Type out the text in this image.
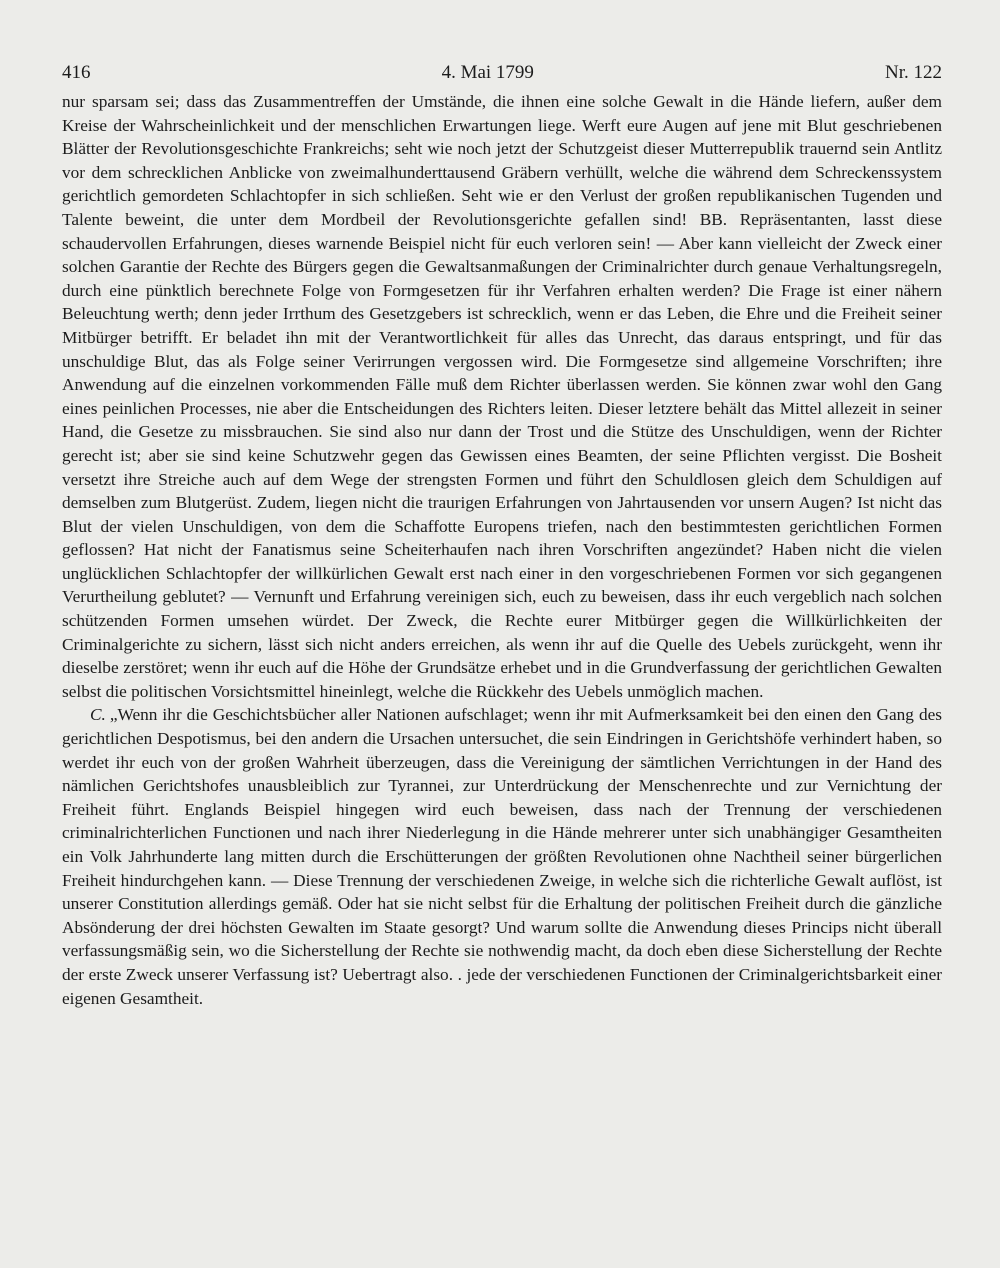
416	4. Mai 1799	Nr. 122

nur sparsam sei; dass das Zusammentreffen der Umstände, die ihnen eine solche Gewalt in die Hände liefern, außer dem Kreise der Wahrscheinlichkeit und der menschlichen Erwartungen liege. Werft eure Augen auf jene mit Blut geschriebenen Blätter der Revolutionsgeschichte Frankreichs; seht wie noch jetzt der Schutzgeist dieser Mutterrepublik trauernd sein Antlitz vor dem schrecklichen Anblicke von zweimalhunderttausend Gräbern verhüllt, welche die während dem Schreckenssystem gerichtlich gemordeten Schlachtopfer in sich schließen. Seht wie er den Verlust der großen republikanischen Tugenden und Talente beweint, die unter dem Mordbeil der Revolutionsgerichte gefallen sind! BB. Repräsentanten, lasst diese schaudervollen Erfahrungen, dieses warnende Beispiel nicht für euch verloren sein! — Aber kann vielleicht der Zweck einer solchen Garantie der Rechte des Bürgers gegen die Gewaltsanmaßungen der Criminalrichter durch genaue Verhaltungsregeln, durch eine pünktlich berechnete Folge von Formgesetzen für ihr Verfahren erhalten werden? Die Frage ist einer nähern Beleuchtung werth; denn jeder Irrthum des Gesetzgebers ist schrecklich, wenn er das Leben, die Ehre und die Freiheit seiner Mitbürger betrifft. Er beladet ihn mit der Verantwortlichkeit für alles das Unrecht, das daraus entspringt, und für das unschuldige Blut, das als Folge seiner Verirrungen vergossen wird. Die Formgesetze sind allgemeine Vorschriften; ihre Anwendung auf die einzelnen vorkommenden Fälle muß dem Richter überlassen werden. Sie können zwar wohl den Gang eines peinlichen Processes, nie aber die Entscheidungen des Richters leiten. Dieser letztere behält das Mittel allezeit in seiner Hand, die Gesetze zu missbrauchen. Sie sind also nur dann der Trost und die Stütze des Unschuldigen, wenn der Richter gerecht ist; aber sie sind keine Schutzwehr gegen das Gewissen eines Beamten, der seine Pflichten vergisst. Die Bosheit versetzt ihre Streiche auch auf dem Wege der strengsten Formen und führt den Schuldlosen gleich dem Schuldigen auf demselben zum Blutgerüst. Zudem, liegen nicht die traurigen Erfahrungen von Jahrtausenden vor unsern Augen? Ist nicht das Blut der vielen Unschuldigen, von dem die Schaffotte Europens triefen, nach den bestimmtesten gerichtlichen Formen geflossen? Hat nicht der Fanatismus seine Scheiterhaufen nach ihren Vorschriften angezündet? Haben nicht die vielen unglücklichen Schlachtopfer der willkürlichen Gewalt erst nach einer in den vorgeschriebenen Formen vor sich gegangenen Verurtheilung geblutet? — Vernunft und Erfahrung vereinigen sich, euch zu beweisen, dass ihr euch vergeblich nach solchen schützenden Formen umsehen würdet. Der Zweck, die Rechte eurer Mitbürger gegen die Willkürlichkeiten der Criminalgerichte zu sichern, lässt sich nicht anders erreichen, als wenn ihr auf die Quelle des Uebels zurückgeht, wenn ihr dieselbe zerstöret; wenn ihr euch auf die Höhe der Grundsätze erhebet und in die Grundverfassung der gerichtlichen Gewalten selbst die politischen Vorsichtsmittel hineinlegt, welche die Rückkehr des Uebels unmöglich machen.

C. „Wenn ihr die Geschichtsbücher aller Nationen aufschlaget; wenn ihr mit Aufmerksamkeit bei den einen den Gang des gerichtlichen Despotismus, bei den andern die Ursachen untersuchet, die sein Eindringen in Gerichtshöfe verhindert haben, so werdet ihr euch von der großen Wahrheit überzeugen, dass die Vereinigung der sämtlichen Verrichtungen in der Hand des nämlichen Gerichtshofes unausbleiblich zur Tyrannei, zur Unterdrückung der Menschenrechte und zur Vernichtung der Freiheit führt. Englands Beispiel hingegen wird euch beweisen, dass nach der Trennung der verschiedenen criminalrichterlichen Functionen und nach ihrer Niederlegung in die Hände mehrerer unter sich unabhängiger Gesamtheiten ein Volk Jahrhunderte lang mitten durch die Erschütterungen der größten Revolutionen ohne Nachtheil seiner bürgerlichen Freiheit hindurchgehen kann. — Diese Trennung der verschiedenen Zweige, in welche sich die richterliche Gewalt auflöst, ist unserer Constitution allerdings gemäß. Oder hat sie nicht selbst für die Erhaltung der politischen Freiheit durch die gänzliche Absönderung der drei höchsten Gewalten im Staate gesorgt? Und warum sollte die Anwendung dieses Princips nicht überall verfassungsmäßig sein, wo die Sicherstellung der Rechte sie nothwendig macht, da doch eben diese Sicherstellung der Rechte der erste Zweck unserer Verfassung ist? Uebertragt also. . jede der verschiedenen Functionen der Criminalgerichtsbarkeit einer eigenen Gesamtheit.
